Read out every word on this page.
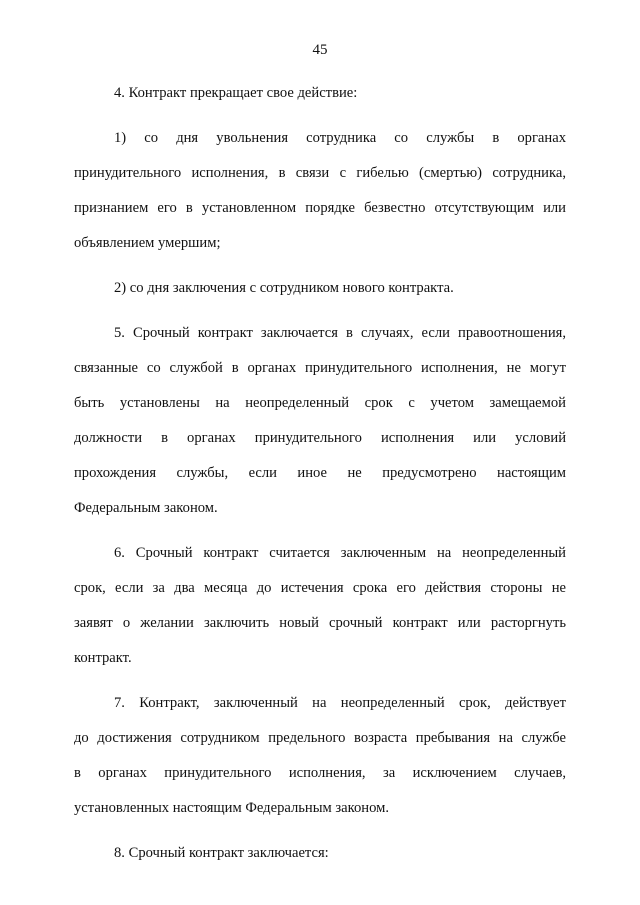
45
4. Контракт прекращает свое действие:
1) со дня увольнения сотрудника со службы в органах
принудительного исполнения, в связи с гибелью (смертью) сотрудника,
признанием его в установленном порядке безвестно отсутствующим или
объявлением умершим;
2) со дня заключения с сотрудником нового контракта.
5. Срочный контракт заключается в случаях, если правоотношения,
связанные со службой в органах принудительного исполнения, не могут
быть установлены на неопределенный срок с учетом замещаемой
должности в органах принудительного исполнения или условий
прохождения службы, если иное не предусмотрено настоящим
Федеральным законом.
6. Срочный контракт считается заключенным на неопределенный
срок, если за два месяца до истечения срока его действия стороны не
заявят о желании заключить новый срочный контракт или расторгнуть
контракт.
7. Контракт, заключенный на неопределенный срок, действует
до достижения сотрудником предельного возраста пребывания на службе
в органах принудительного исполнения, за исключением случаев,
установленных настоящим Федеральным законом.
8. Срочный контракт заключается:
